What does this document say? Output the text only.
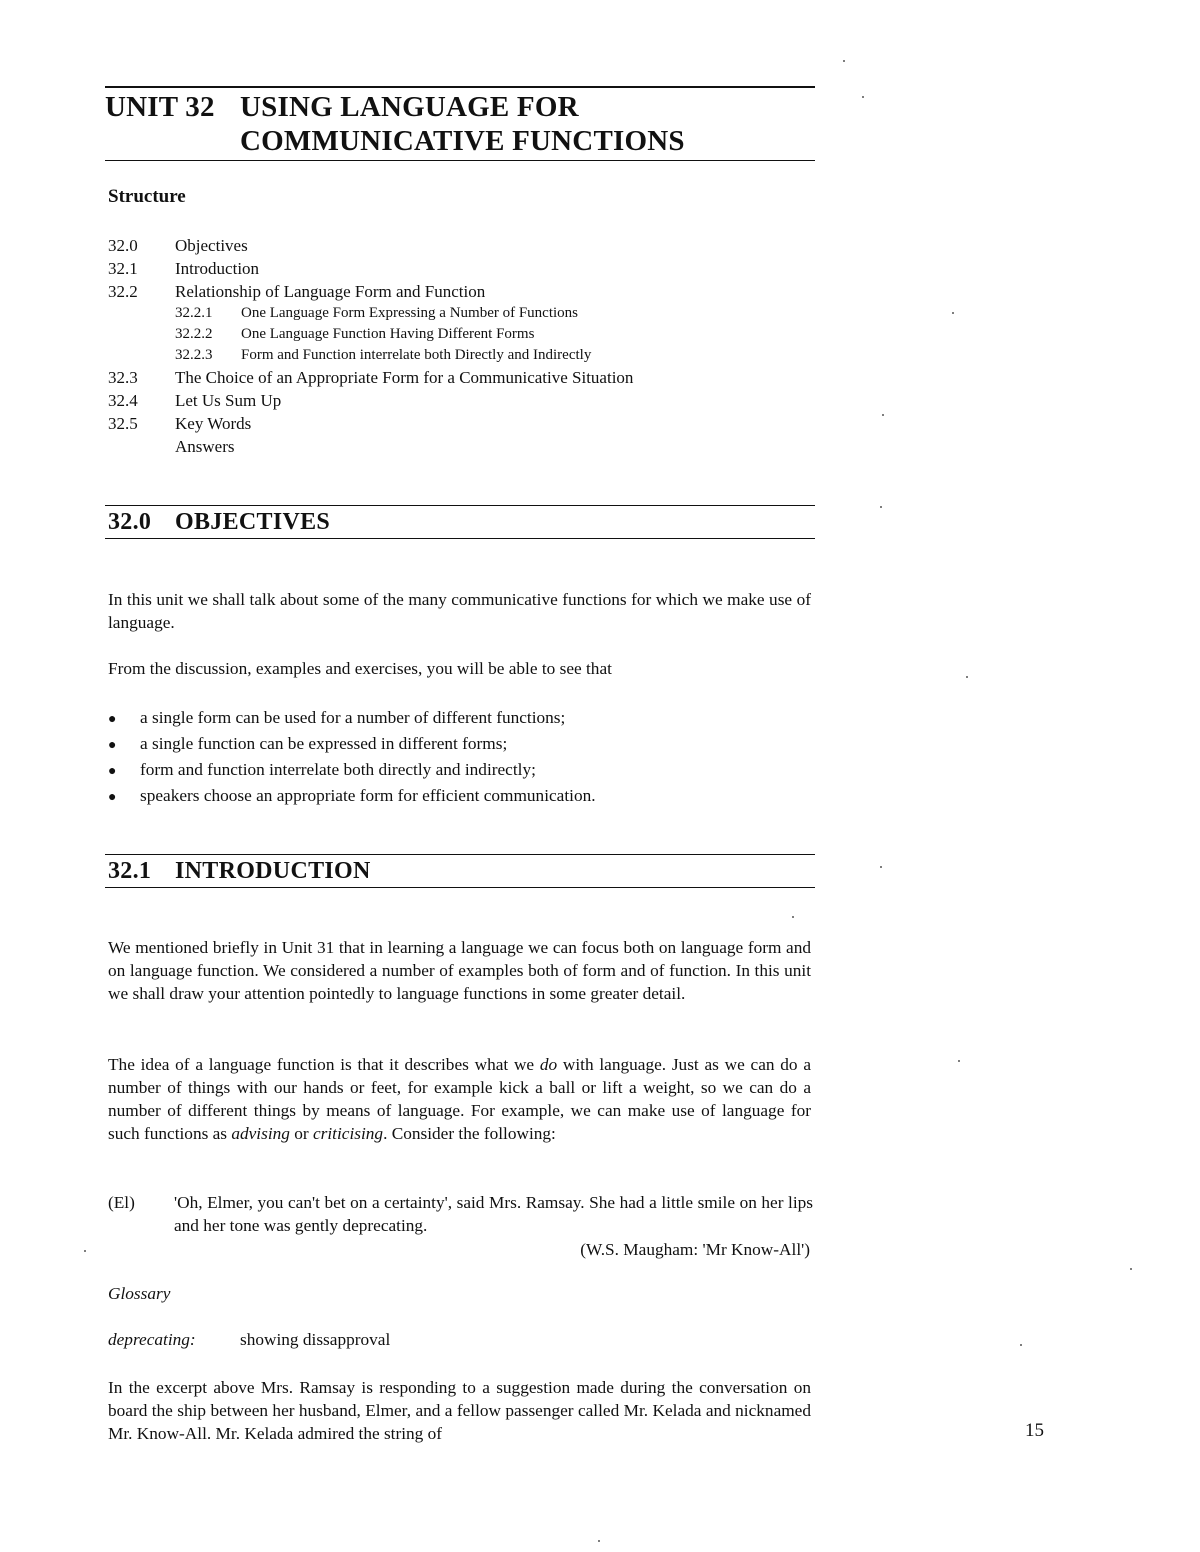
UNIT 32 USING LANGUAGE FOR
COMMUNICATIVE FUNCTIONS
Structure
32.0 Objectives
32.1 Introduction
32.2 Relationship of Language Form and Function
32.2.1 One Language Form Expressing a Number of Functions
32.2.2 One Language Function Having Different Forms
32.2.3 Form and Function interrelate both Directly and Indirectly
32.3 The Choice of an Appropriate Form for a Communicative Situation
32.4 Let Us Sum Up
32.5 Key Words
Answers
32.0 OBJECTIVES
In this unit we shall talk about some of the many communicative functions for which we make use of language.
From the discussion, examples and exercises, you will be able to see that
● a single form can be used for a number of different functions;
● a single function can be expressed in different forms;
● form and function interrelate both directly and indirectly;
● speakers choose an appropriate form for efficient communication.
32.1 INTRODUCTION
We mentioned briefly in Unit 31 that in learning a language we can focus both on language form and on language function. We considered a number of examples both of form and of function. In this unit we shall draw your attention pointedly to language functions in some greater detail.
The idea of a language function is that it describes what we do with language. Just as we can do a number of things with our hands or feet, for example kick a ball or lift a weight, so we can do a number of different things by means of language. For example, we can make use of language for such functions as advising or criticising. Consider the following:
(El) 'Oh, Elmer, you can't bet on a certainty', said Mrs. Ramsay. She had a little smile on her lips and her tone was gently deprecating.
(W.S. Maugham: 'Mr Know-All')
Glossary
deprecating:	showing dissapproval
In the excerpt above Mrs. Ramsay is responding to a suggestion made during the conversation on board the ship between her husband, Elmer, and a fellow passenger called Mr. Kelada and nicknamed Mr. Know-All. Mr. Kelada admired the string of	15
